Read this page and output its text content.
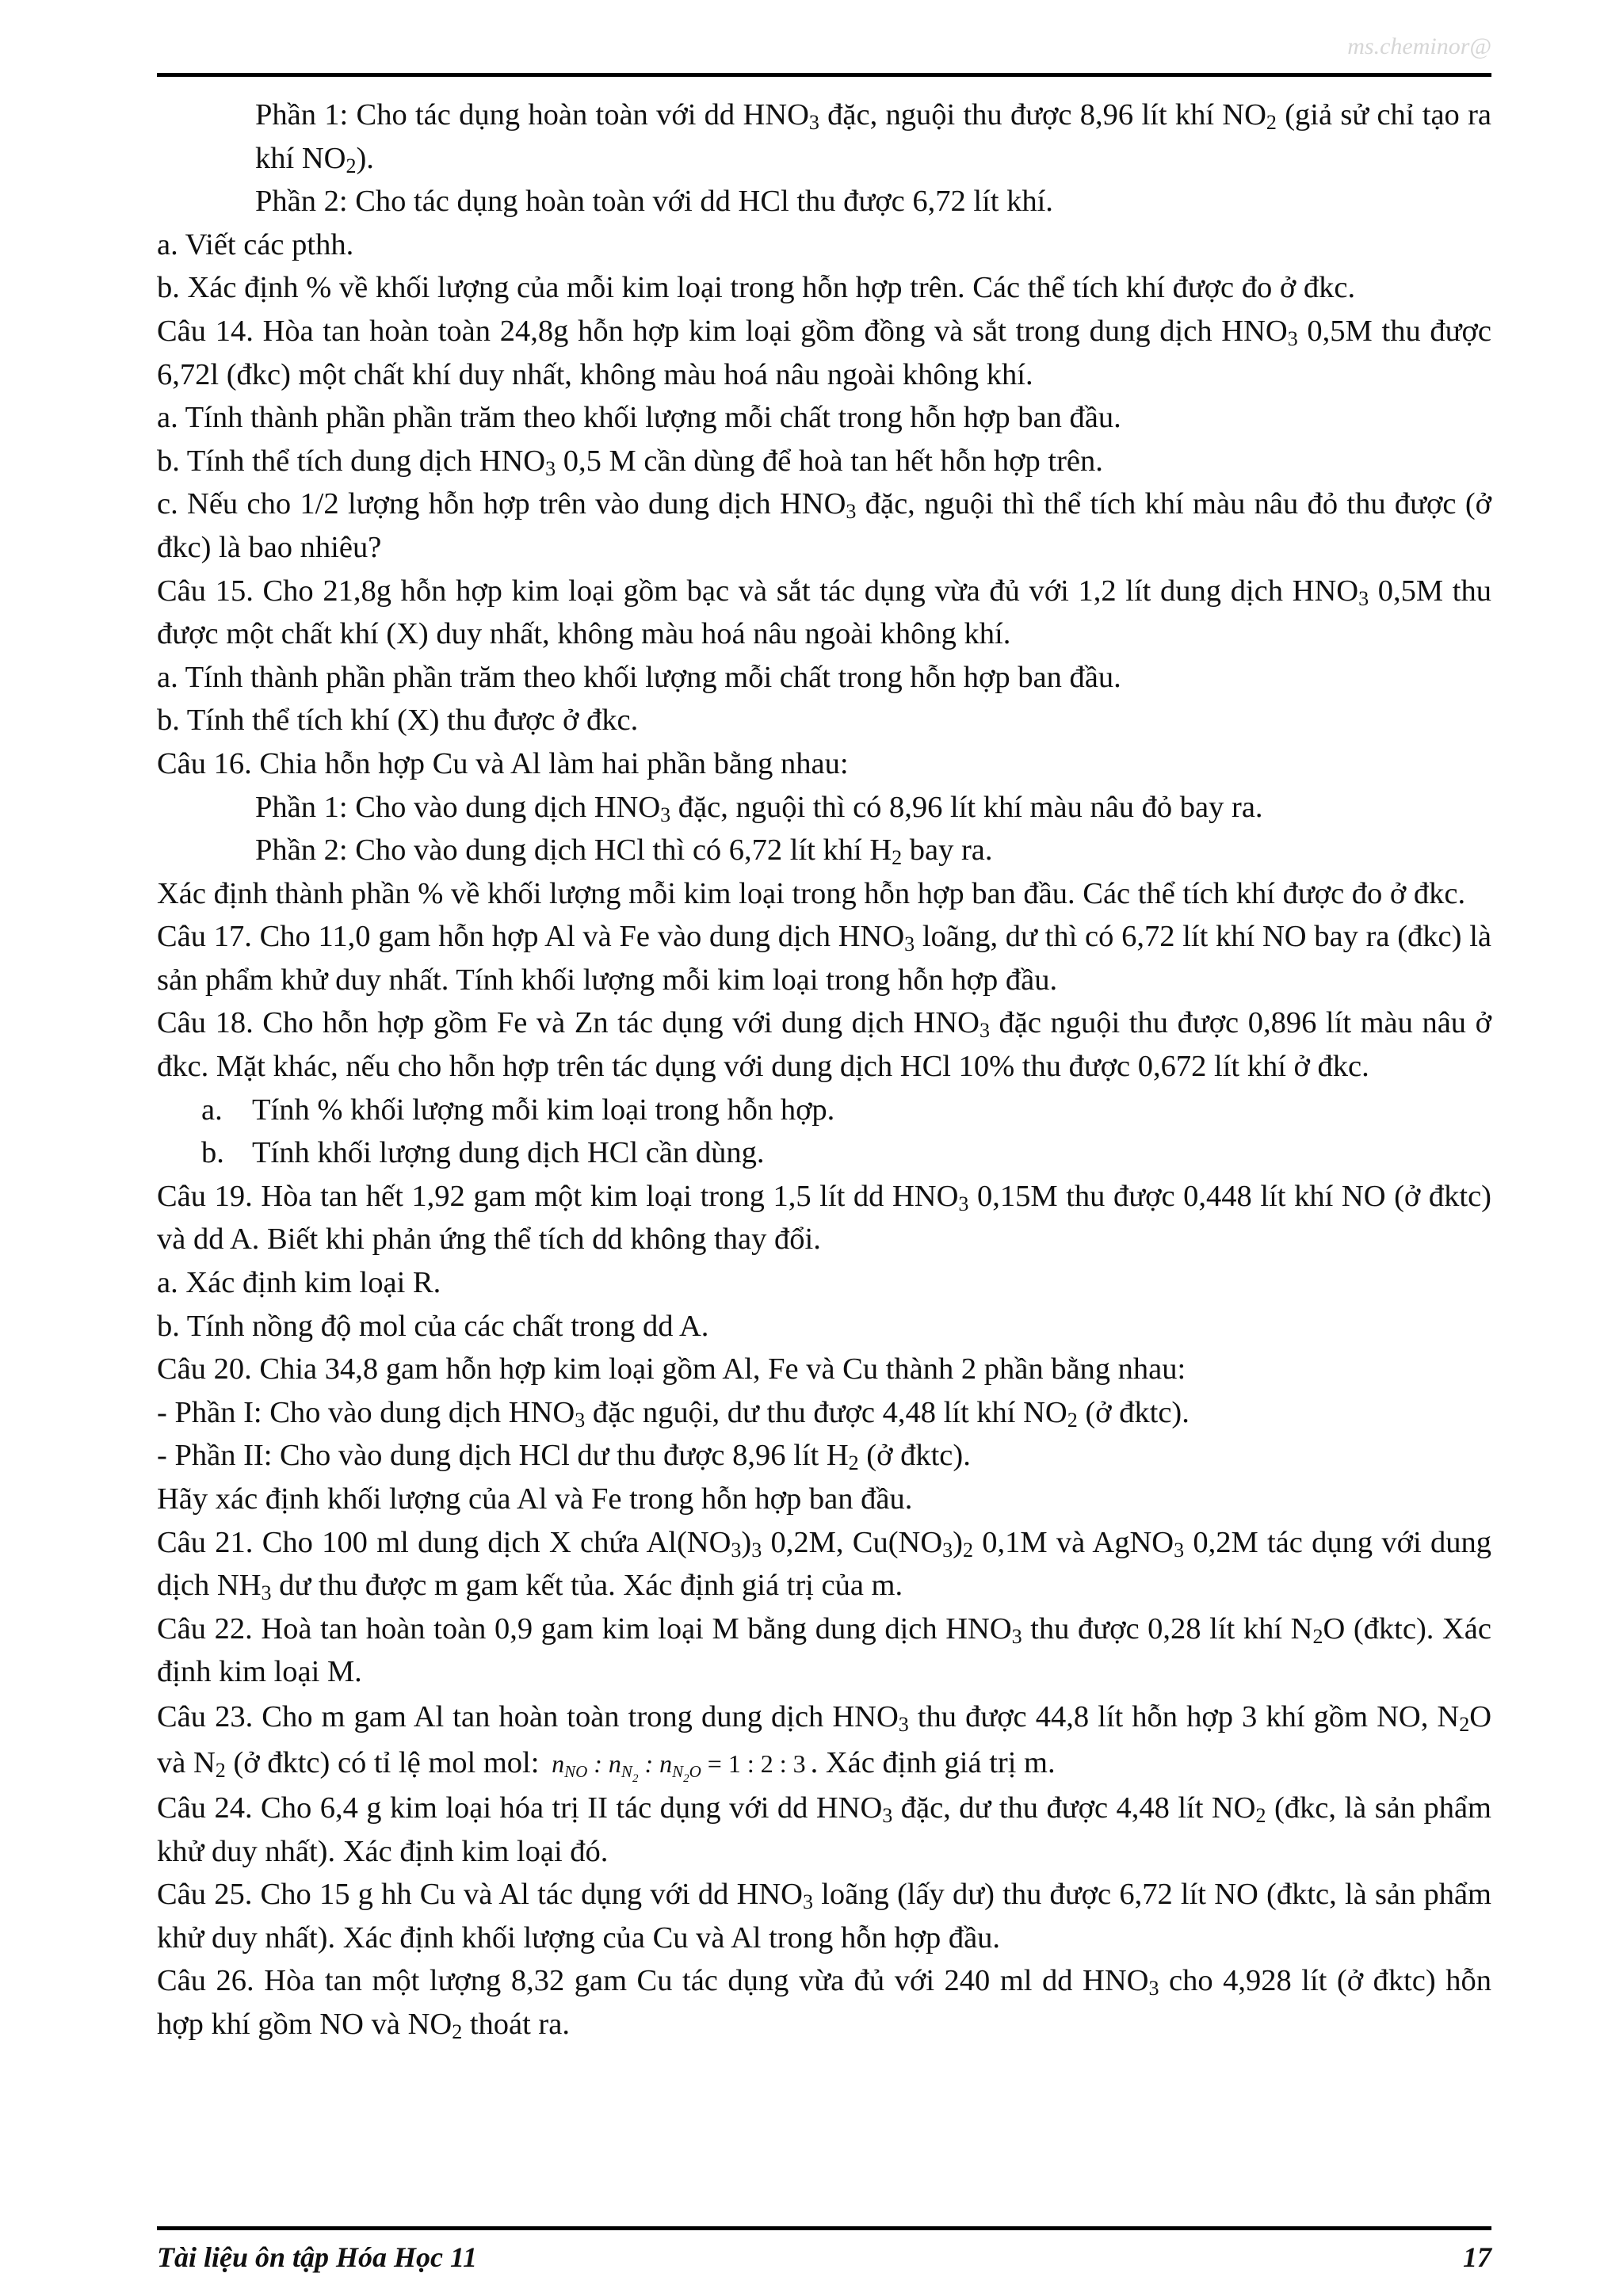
ms.cheminor@

Phần 1: Cho tác dụng hoàn toàn với dd $HNO_3$ đặc, nguội thu được 8,96 lít khí $NO_2$ (giả sử chỉ tạo ra khí $NO_2$).

Phần 2: Cho tác dụng hoàn toàn với dd HCl thu được 6,72 lít khí.

a. Viết các pthh.

b. Xác định % về khối lượng của mỗi kim loại trong hỗn hợp trên. Các thể tích khí được đo ở đkc.

Câu 14. Hòa tan hoàn toàn 24,8g hỗn hợp kim loại gồm đồng và sắt trong dung dịch $HNO_3$ 0,5M thu được 6,72l (đkc) một chất khí duy nhất, không màu hoá nâu ngoài không khí.

a. Tính thành phần phần trăm theo khối lượng mỗi chất trong hỗn hợp ban đầu.

b. Tính thể tích dung dịch $HNO_3$ 0,5 M cần dùng để hoà tan hết hỗn hợp trên.

c. Nếu cho 1/2 lượng hỗn hợp trên vào dung dịch $HNO_3$ đặc, nguội thì thể tích khí màu nâu đỏ thu được (ở đkc) là bao nhiêu?

Câu 15. Cho 21,8g hỗn hợp kim loại gồm bạc và sắt tác dụng vừa đủ với 1,2 lít dung dịch $HNO_3$ 0,5M thu được một chất khí (X) duy nhất, không màu hoá nâu ngoài không khí.

a. Tính thành phần phần trăm theo khối lượng mỗi chất trong hỗn hợp ban đầu.

b. Tính thể tích khí (X) thu được ở đkc.

Câu 16. Chia hỗn hợp Cu và Al làm hai phần bằng nhau:

Phần 1: Cho vào dung dịch $HNO_3$ đặc, nguội thì có 8,96 lít khí màu nâu đỏ bay ra.

Phần 2: Cho vào dung dịch HCl thì có 6,72 lít khí $H_2$ bay ra.

Xác định thành phần % về khối lượng mỗi kim loại trong hỗn hợp ban đầu. Các thể tích khí được đo ở đkc.

Câu 17. Cho 11,0 gam hỗn hợp Al và Fe vào dung dịch $HNO_3$ loãng, dư thì có 6,72 lít khí NO bay ra (đkc) là sản phẩm khử duy nhất. Tính khối lượng mỗi kim loại trong hỗn hợp đầu.

Câu 18. Cho hỗn hợp gồm Fe và Zn tác dụng với dung dịch $HNO_3$ đặc nguội thu được 0,896 lít màu nâu ở đkc. Mặt khác, nếu cho hỗn hợp trên tác dụng với dung dịch HCl 10% thu được 0,672 lít khí ở đkc.

a. Tính % khối lượng mỗi kim loại trong hỗn hợp.

b. Tính khối lượng dung dịch HCl cần dùng.

Câu 19. Hòa tan hết 1,92 gam một kim loại trong 1,5 lít dd $HNO_3$ 0,15M thu được 0,448 lít khí NO (ở đktc) và dd A. Biết khi phản ứng thể tích dd không thay đổi.

a. Xác định kim loại R.

b. Tính nồng độ mol của các chất trong dd A.

Câu 20. Chia 34,8 gam hỗn hợp kim loại gồm Al, Fe và Cu thành 2 phần bằng nhau:

- Phần I: Cho vào dung dịch $HNO_3$ đặc nguội, dư thu được 4,48 lít khí $NO_2$ (ở đktc).

- Phần II: Cho vào dung dịch HCl dư thu được 8,96 lít $H_2$ (ở đktc).

Hãy xác định khối lượng của Al và Fe trong hỗn hợp ban đầu.

Câu 21. Cho 100 ml dung dịch X chứa $Al(NO_3)_3$ 0,2M, $Cu(NO_3)_2$ 0,1M và AgNO$_3$ 0,2M tác dụng với dung dịch $NH_3$ dư thu được m gam kết tủa. Xác định giá trị của m.

Câu 22. Hoà tan hoàn toàn 0,9 gam kim loại M bằng dung dịch $HNO_3$ thu được 0,28 lít khí $N_2O$ (đktc). Xác định kim loại M.

Câu 23. Cho m gam Al tan hoàn toàn trong dung dịch $HNO_3$ thu được 44,8 lít hỗn hợp 3 khí gồm NO, $N_2O$ và $N_2$ (ở đktc) có tỉ lệ mol mol: $n_{NO}$ : $n_{N_2}$ : $n_{N_2O} = 1$ : 2 : 3 . Xác định giá trị m.

Câu 24. Cho 6,4 g kim loại hóa trị II tác dụng với dd $HNO_3$ đặc, dư thu được 4,48 lít $NO_2$ (đkc, là sản phẩm khử duy nhất). Xác định kim loại đó.

Câu 25. Cho 15 g hh Cu và Al tác dụng với dd $HNO_3$ loãng (lấy dư) thu được 6,72 lít NO (đktc, là sản phẩm khử duy nhất). Xác định khối lượng của Cu và Al trong hỗn hợp đầu.

Câu 26. Hòa tan một lượng 8,32 gam Cu tác dụng vừa đủ với 240 ml dd $HNO_3$ cho 4,928 lít (ở đktc) hỗn hợp khí gồm NO và $NO_2$ thoát ra.

Tài liệu ôn tập Hóa Học 11	17
